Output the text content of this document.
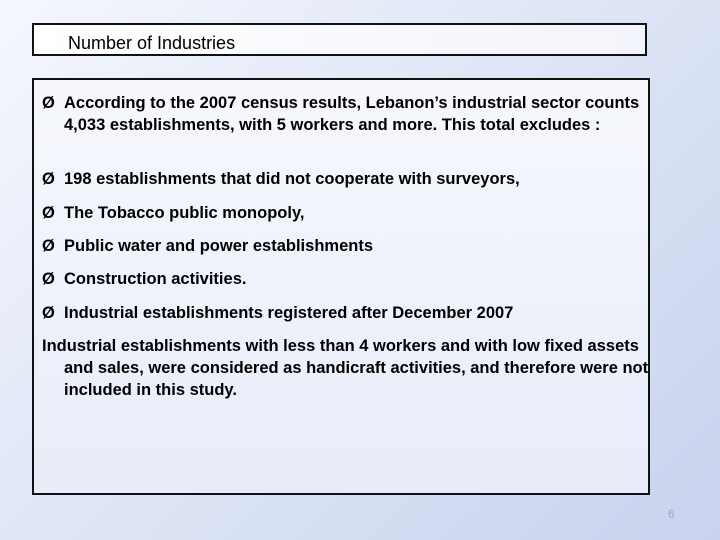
Number of Industries
Ø According to the 2007 census results, Lebanon’s industrial sector counts 4,033 establishments, with 5 workers and more. This total excludes :
Ø 198 establishments that did not cooperate with surveyors,
Ø The Tobacco public monopoly,
Ø Public water and power establishments
Ø Construction activities.
Ø Industrial establishments registered after December 2007
Industrial establishments with less than 4 workers and with low fixed assets and sales, were considered as handicraft activities, and therefore were not included in this study.
6
